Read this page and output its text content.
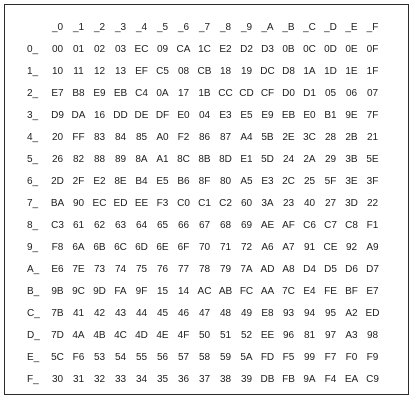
	_0	_1	_2	_3	_4	_5	_6	_7	_8	_9	_A	_B	_C	_D	_E	_F
0_	00	01	02	03	EC	09	CA	1C	E2	D2	D3	0B	0C	0D	0E	0F
1_	10	11	12	13	EF	C5	08	CB	18	19	DC	D8	1A	1D	1E	1F
2_	E7	B8	E9	EB	C4	0A	17	1B	CC	CD	CF	D0	D1	05	06	07
3_	D9	DA	16	DD	DE	DF	E0	04	E3	E5	E9	EB	E0	B1	9E	7F
4_	20	FF	83	84	85	A0	F2	86	87	A4	5B	2E	3C	28	2B	21
5_	26	82	88	89	8A	A1	8C	8B	8D	E1	5D	24	2A	29	3B	5E
6_	2D	2F	E2	8E	B4	E5	B6	8F	80	A5	E3	2C	25	5F	3E	3F
7_	BA	90	EC	ED	EE	F3	C0	C1	C2	60	3A	23	40	27	3D	22
8_	C3	61	62	63	64	65	66	67	68	69	AE	AF	C6	C7	C8	F1
9_	F8	6A	6B	6C	6D	6E	6F	70	71	72	A6	A7	91	CE	92	A9
A_	E6	7E	73	74	75	76	77	78	79	7A	AD	A8	D4	D5	D6	D7
B_	9B	9C	9D	FA	9F	15	14	AC	AB	FC	AA	7C	E4	FE	BF	E7
C_	7B	41	42	43	44	45	46	47	48	49	E8	93	94	95	A2	ED
D_	7D	4A	4B	4C	4D	4E	4F	50	51	52	EE	96	81	97	A3	98
E_	5C	F6	53	54	55	56	57	58	59	5A	FD	F5	99	F7	F0	F9
F_	30	31	32	33	34	35	36	37	38	39	DB	FB	9A	F4	EA	C9
